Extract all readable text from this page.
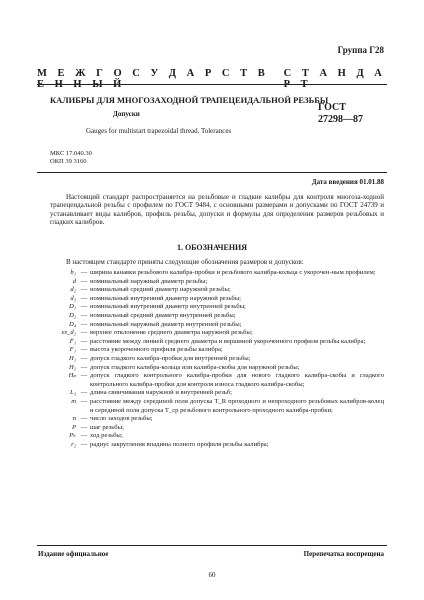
Группа Г28
М Е Ж Г О С У Д А Р С Т В Е Н Н Ы Й
С Т А Н Д А Р Т
КАЛИБРЫ ДЛЯ МНОГОЗАХОДНОЙ ТРАПЕЦЕИДАЛЬНОЙ РЕЗЬБЫ
Допуски
ГОСТ
27298—87
Gauges for multistart trapezoidal thread. Tolerances
МКС 17.040.30
ОКП 39 3160
Дата введения 01.01.88
Настоящий стандарт распространяется на резьбовые и гладкие калибры для контроля многоза-ходной трапецеидальной резьбы с профилем по ГОСТ 9484, с основными размерами и допусками по ГОСТ 24739 и устанавливает виды калибров, профиль резьбы, допуски и формулы для определения размеров резьбовых и гладких калибров.
1. ОБОЗНАЧЕНИЯ
В настоящем стандарте приняты следующие обозначения размеров и допусков:
b₁ — ширина канавки резьбового калибра-пробки и резьбового калибра-кольца с укорочен-ным профилем;
d — номинальный наружный диаметр резьбы;
d₂ — номинальный средний диаметр наружной резьбы;
d₃ — номинальный внутренний диаметр наружной резьбы;
D₁ — номинальный внутренний диаметр внутренней резьбы;
D₂ — номинальный средний диаметр внутренней резьбы;
D₄ — номинальный наружный диаметр внутренней резьбы;
es_d₂ — верхнее отклонение среднего диаметра наружной резьбы;
F̄₁ — расстояние между линией среднего диаметра и вершиной укороченного профиля резьбы калибра;
F₁ — высота укороченного профиля резьбы калибра;
H₁ — допуск гладкого калибра-пробки для внутренней резьбы;
H₂ — допуск гладкого калибра-кольца или калибра-скобы для наружной резьбы;
Hₚ — допуск гладкого контрольного калибра-пробки для нового гладкого калибра-скобы и гладкого контрольного калибра-пробки для контроля износа гладкого калибра-скобы;
L₃ — длина свинчивания наружной и внутренней резьб;
m — расстояние между серединой поля допуска T_R проходного и непроходного резьбовых калибров-колец и серединой поля допуска T_cp резьбового контрольного проходного калибра-пробки;
n — число заходов резьбы;
P — шаг резьбы;
Pₕ — ход резьбы;
r₂ — радиус закругления впадины полного профиля резьбы калибра;
Издание официальное	Перепечатка воспрещена
60
